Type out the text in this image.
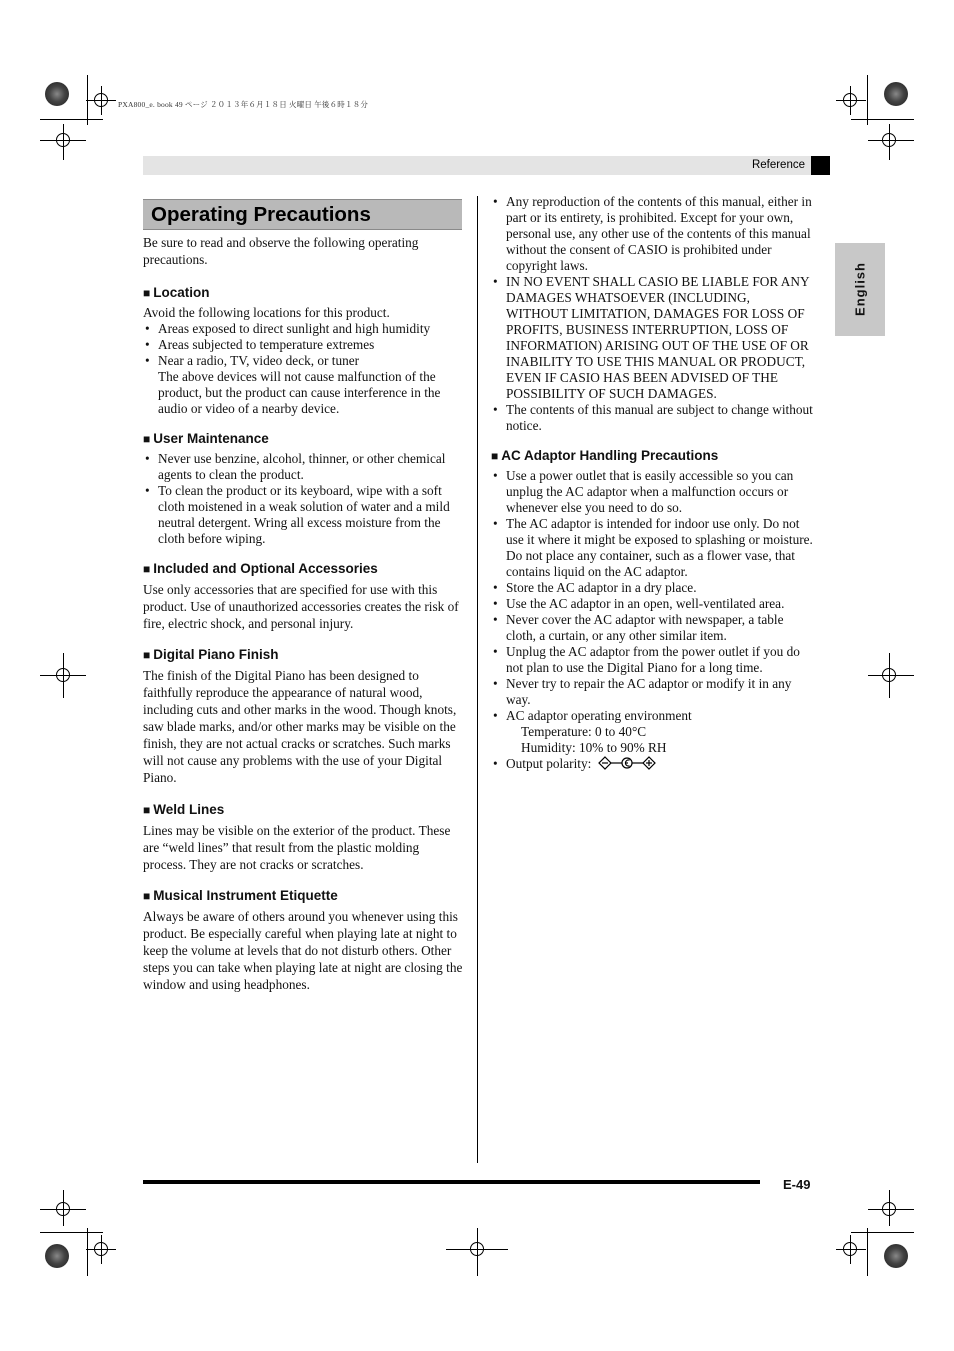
PXA800_e. book 49 ページ ２０１３年６月１８日 火曜日 午後６時１８分
Reference
English
Operating Precautions

Be sure to read and observe the following operating precautions.

■ Location

Avoid the following locations for this product.

• Areas exposed to direct sunlight and high humidity
• Areas subjected to temperature extremes
• Near a radio, TV, video deck, or tuner
The above devices will not cause malfunction of the product, but the product can cause interference in the audio or video of a nearby device.
■ User Maintenance
• Never use benzine, alcohol, thinner, or other chemical agents to clean the product.
• To clean the product or its keyboard, wipe with a soft cloth moistened in a weak solution of water and a mild neutral detergent. Wring all excess moisture from the cloth before wiping.
■ Included and Optional Accessories

Use only accessories that are specified for use with this product. Use of unauthorized accessories creates the risk of fire, electric shock, and personal injury.

■ Digital Piano Finish

The finish of the Digital Piano has been designed to faithfully reproduce the appearance of natural wood, including cuts and other marks in the wood. Though knots, saw blade marks, and/or other marks may be visible on the finish, they are not actual cracks or scratches. Such marks will not cause any problems with the use of your Digital Piano.

■ Weld Lines

Lines may be visible on the exterior of the product. These are “weld lines” that result from the plastic molding process. They are not cracks or scratches.

■ Musical Instrument Etiquette

Always be aware of others around you whenever using this product. Be especially careful when playing late at night to keep the volume at levels that do not disturb others. Other steps you can take when playing late at night are closing the window and using headphones.

• Any reproduction of the contents of this manual, either in part or its entirety, is prohibited. Except for your own, personal use, any other use of the contents of this manual without the consent of CASIO is prohibited under copyright laws.
• IN NO EVENT SHALL CASIO BE LIABLE FOR ANY DAMAGES WHATSOEVER (INCLUDING, WITHOUT LIMITATION, DAMAGES FOR LOSS OF PROFITS, BUSINESS INTERRUPTION, LOSS OF INFORMATION) ARISING OUT OF THE USE OF OR INABILITY TO USE THIS MANUAL OR PRODUCT, EVEN IF CASIO HAS BEEN ADVISED OF THE POSSIBILITY OF SUCH DAMAGES.
• The contents of this manual are subject to change without notice.
■ AC Adaptor Handling Precautions
• Use a power outlet that is easily accessible so you can unplug the AC adaptor when a malfunction occurs or whenever else you need to do so.
• The AC adaptor is intended for indoor use only. Do not use it where it might be exposed to splashing or moisture. Do not place any container, such as a flower vase, that contains liquid on the AC adaptor.
• Store the AC adaptor in a dry place.
• Use the AC adaptor in an open, well-ventilated area.
• Never cover the AC adaptor with newspaper, a table cloth, a curtain, or any other similar item.
• Unplug the AC adaptor from the power outlet if you do not plan to use the Digital Piano for a long time.
• Never try to repair the AC adaptor or modify it in any way.
• AC adaptor operating environment
Temperature: 0 to 40°C
Humidity: 10% to 90% RH
• Output polarity:
E-49
